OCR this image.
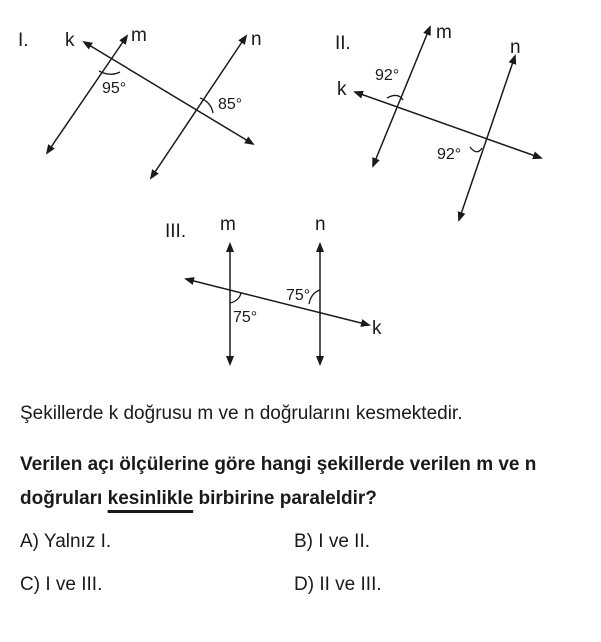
I. k	m	n
95°
85°
II.
k
m
n
92°
92°
III. m	n
k
75°
75°

Şekillerde k doğrusu m ve n doğrularını kesmektedir.

Verilen açı ölçülerine göre hangi şekillerde verilen m ve n doğruları kesinlikle birbirine paraleldir?

A) Yalnız I.	B) I ve II.
C) I ve III.	D) II ve III.
